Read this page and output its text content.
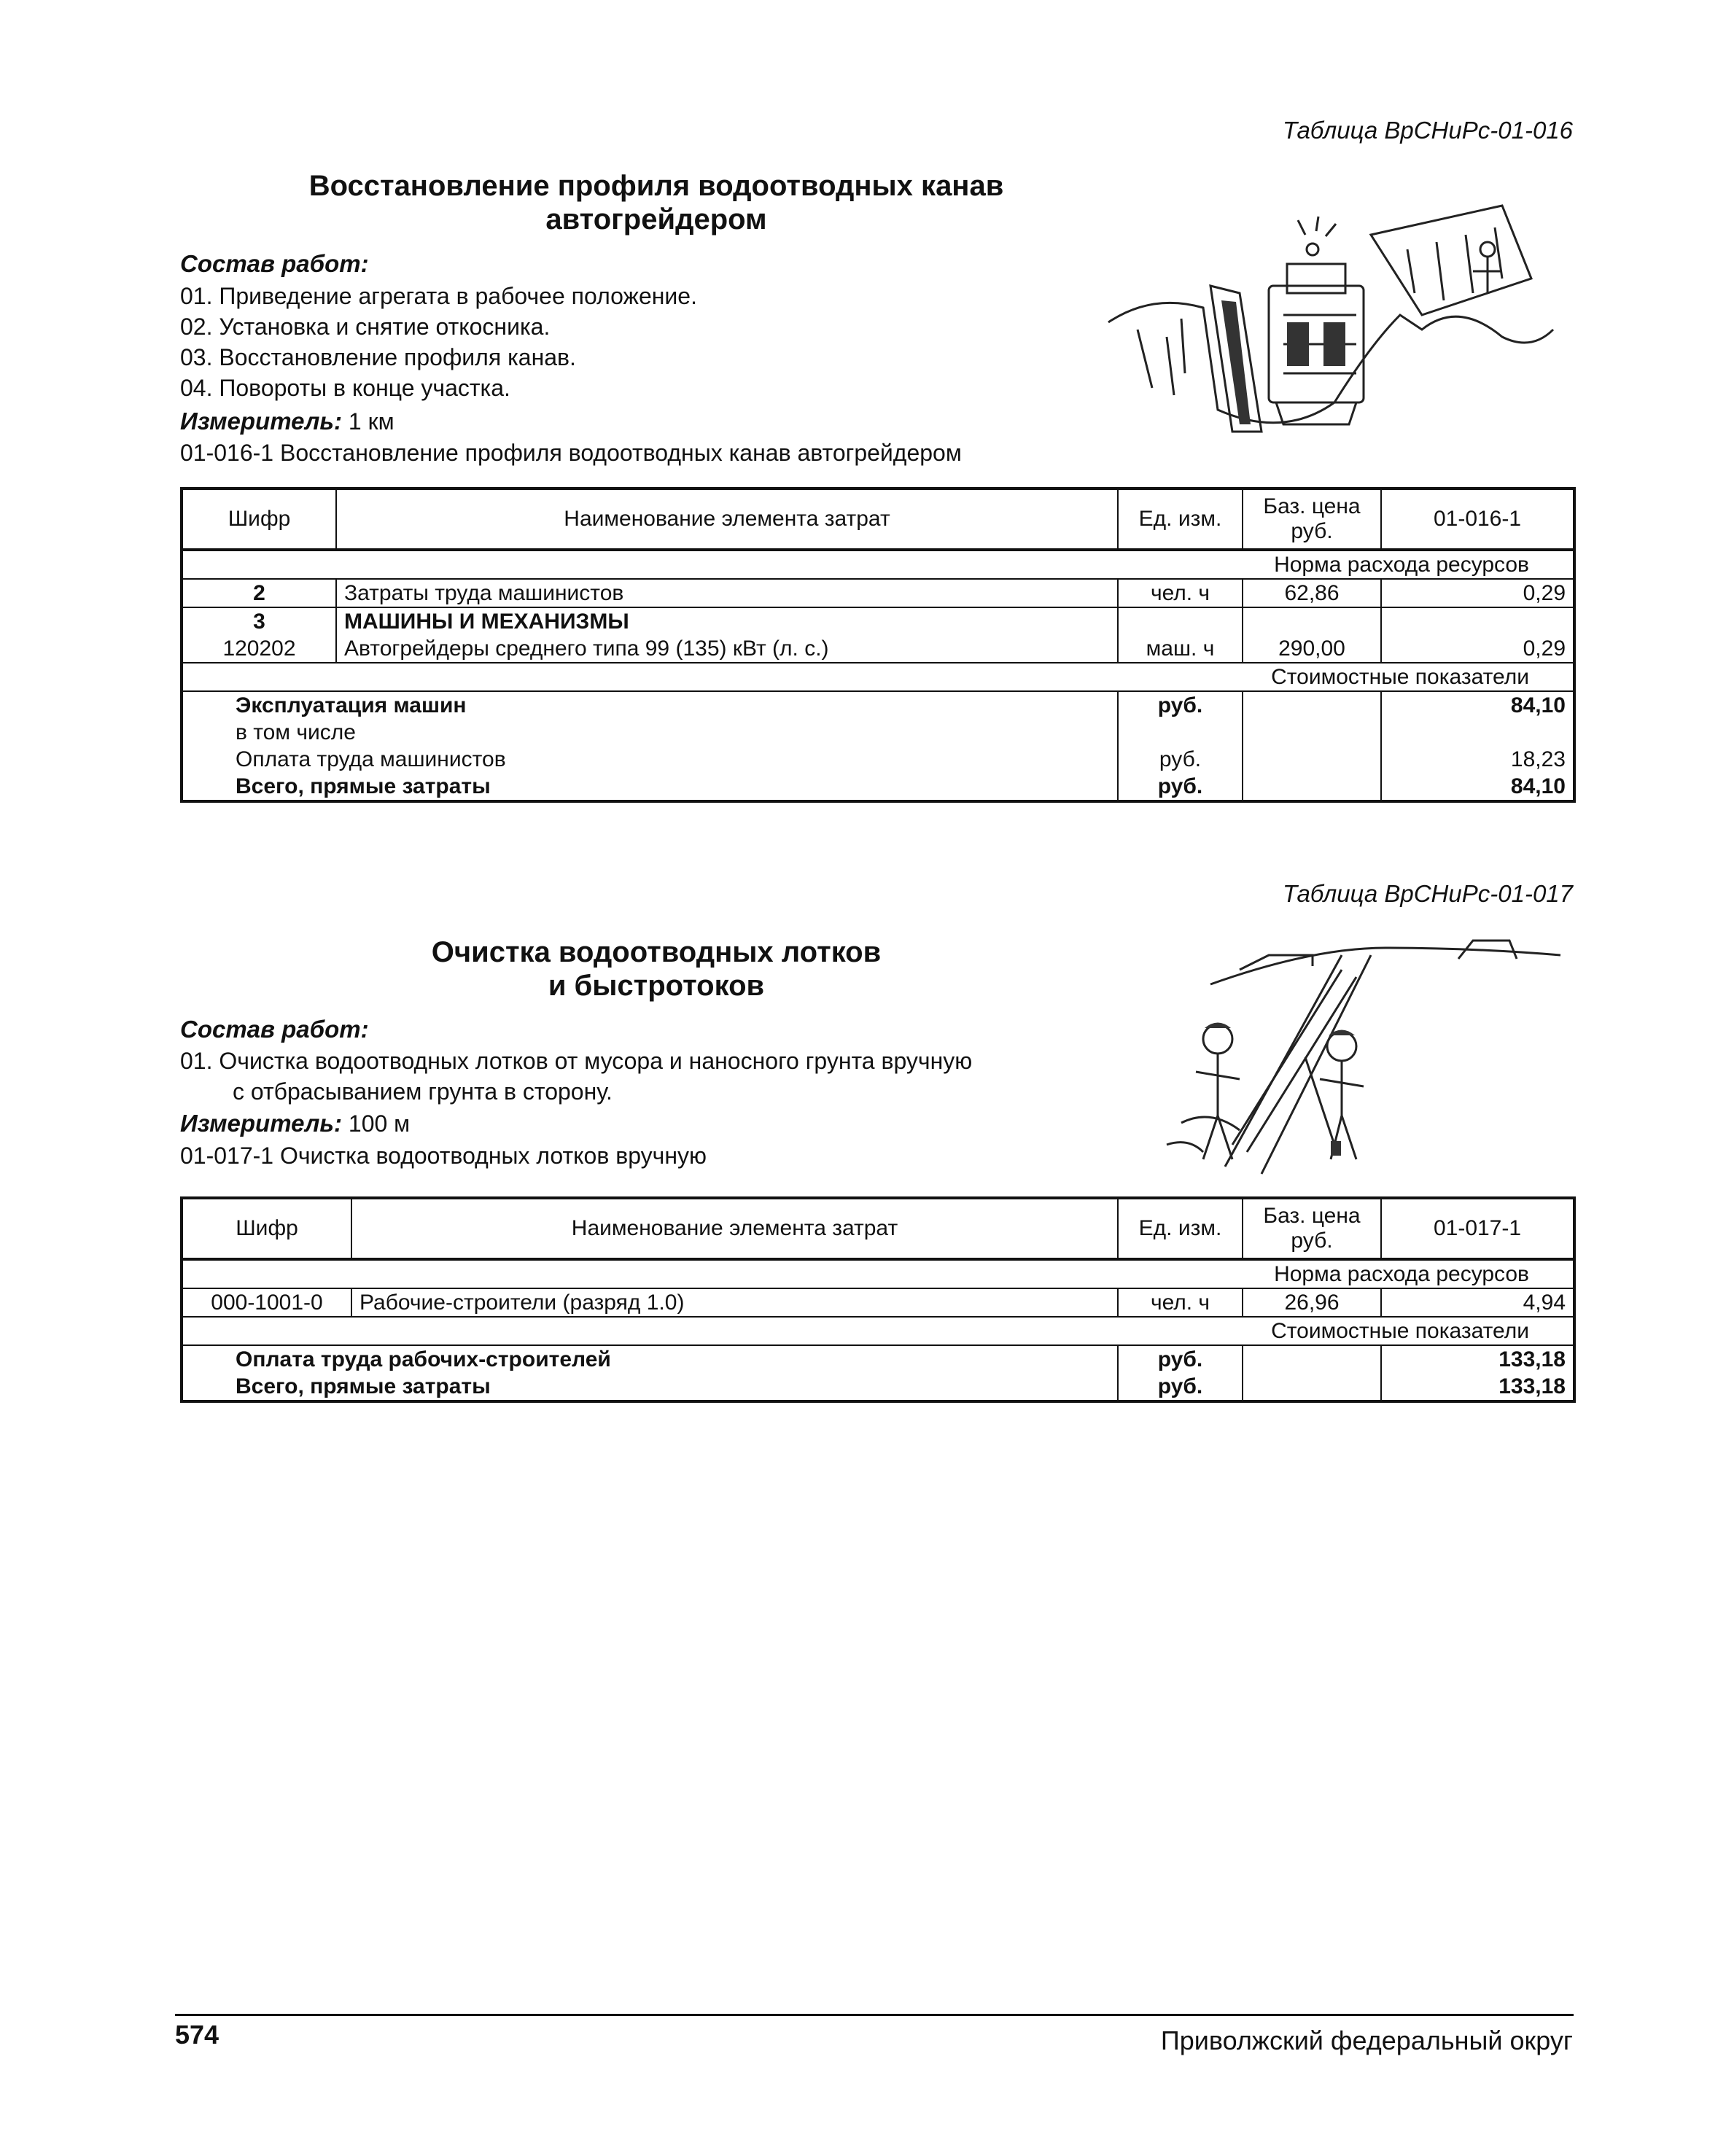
Таблица ВрСНиРс-01-016
Восстановление профиля водоотводных канав
автогрейдером
Состав работ:
01. Приведение агрегата в рабочее положение.
02. Установка и снятие откосника.
03. Восстановление профиля канав.
04. Повороты в конце участка.
Измеритель: 1 км
01-016-1 Восстановление профиля водоотводных канав автогрейдером
Шифр	Наименование элемента затрат	Ед. изм.	Баз. цена руб.	01-016-1
Норма расхода ресурсов				
2	Затраты труда машинистов	чел. ч	62,86	0,29
3	МАШИНЫ И МЕХАНИЗМЫ			
120202	Автогрейдеры среднего типа 99 (135) кВт (л. с.)	маш. ч	290,00	0,29
Стоимостные показатели				
Эксплуатация машин		руб.		84,10
в том числе				
Оплата труда машинистов		руб.		18,23
Всего, прямые затраты		руб.		84,10
Таблица ВрСНиРс-01-017
Очистка водоотводных лотков
и быстротоков
Состав работ:
01. Очистка водоотводных лотков от мусора и наносного грунта вручную
с отбрасыванием грунта в сторону.
Измеритель: 100 м
01-017-1 Очистка водоотводных лотков вручную
Шифр	Наименование элемента затрат	Ед. изм.	Баз. цена руб.	01-017-1
Норма расхода ресурсов				
000-1001-0	Рабочие-строители (разряд 1.0)	чел. ч	26,96	4,94
Стоимостные показатели				
Оплата труда рабочих-строителей		руб.		133,18
Всего, прямые затраты		руб.		133,18
574	Приволжский федеральный округ
